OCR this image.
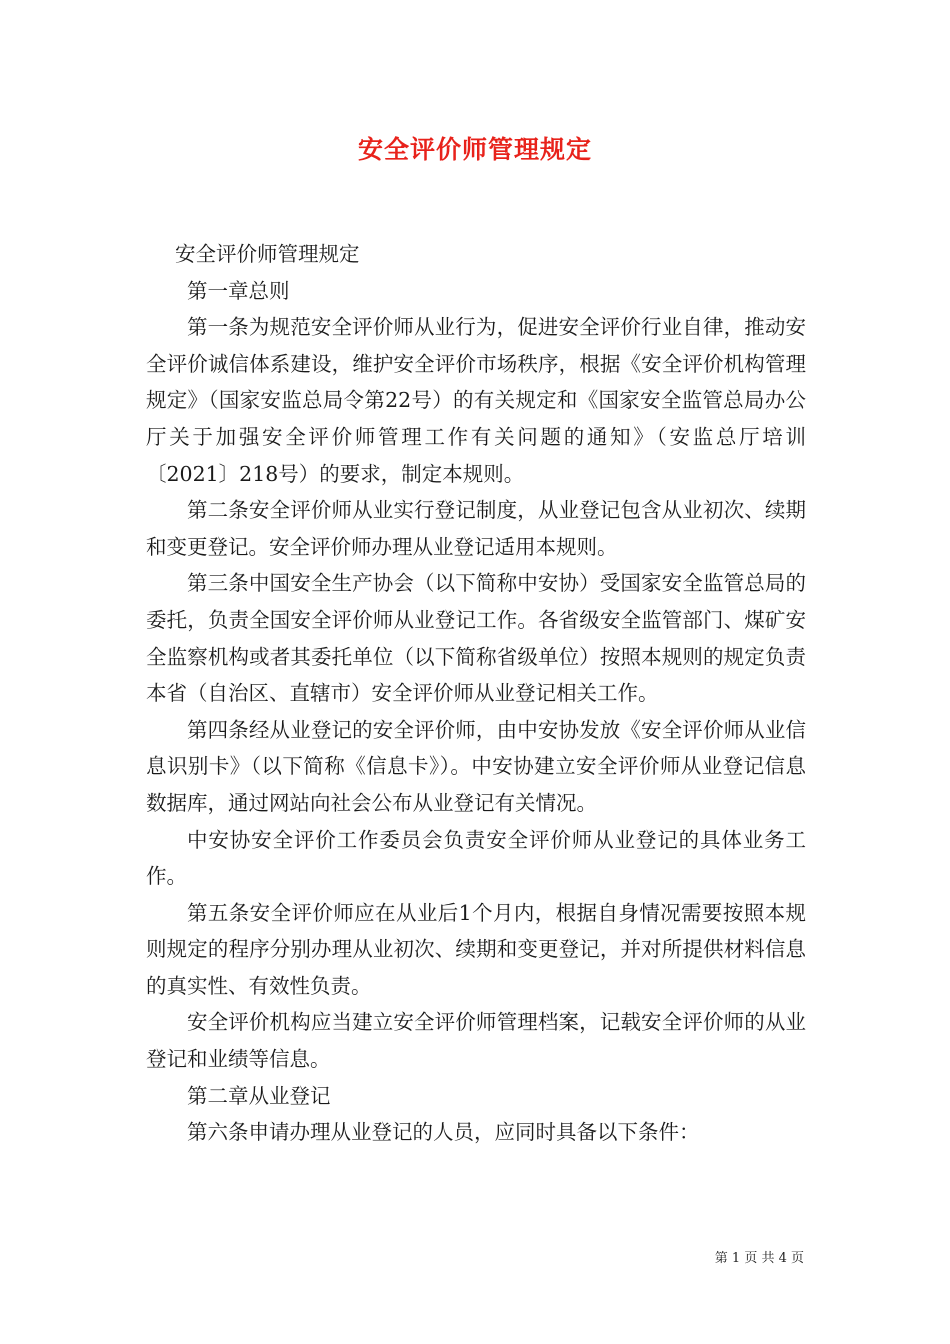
安全评价师管理规定

安全评价师管理规定

第一章总则

第一条为规范安全评价师从业行为，促进安全评价行业自律，推动安全评价诚信体系建设，维护安全评价市场秩序，根据《安全评价机构管理规定》（国家安监总局令第22号）的有关规定和《国家安全监管总局办公厅关于加强安全评价师管理工作有关问题的通知》（安监总厅培训〔2021〕218号）的要求，制定本规则。

第二条安全评价师从业实行登记制度，从业登记包含从业初次、续期和变更登记。安全评价师办理从业登记适用本规则。

第三条中国安全生产协会（以下简称中安协）受国家安全监管总局的委托，负责全国安全评价师从业登记工作。各省级安全监管部门、煤矿安全监察机构或者其委托单位（以下简称省级单位）按照本规则的规定负责本省（自治区、直辖市）安全评价师从业登记相关工作。

第四条经从业登记的安全评价师，由中安协发放《安全评价师从业信息识别卡》（以下简称《信息卡》）。中安协建立安全评价师从业登记信息数据库，通过网站向社会公布从业登记有关情况。

中安协安全评价工作委员会负责安全评价师从业登记的具体业务工作。

第五条安全评价师应在从业后1个月内，根据自身情况需要按照本规则规定的程序分别办理从业初次、续期和变更登记，并对所提供材料信息的真实性、有效性负责。

安全评价机构应当建立安全评价师管理档案，记载安全评价师的从业登记和业绩等信息。

第二章从业登记

第六条申请办理从业登记的人员，应同时具备以下条件：

第 1 页 共 4 页
